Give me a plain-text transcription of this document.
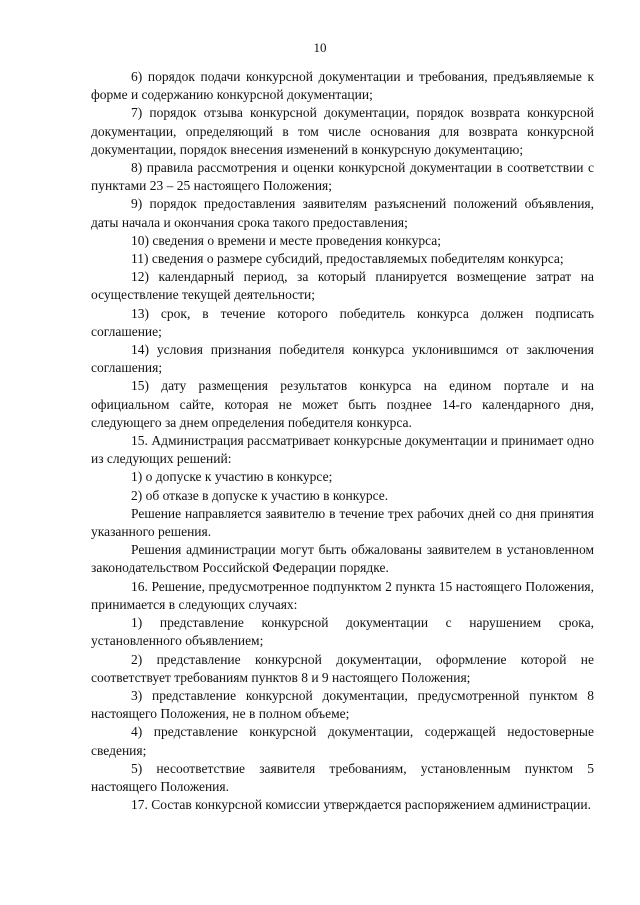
10

6) порядок подачи конкурсной документации и требования, предъявляемые к форме и содержанию конкурсной документации;

7) порядок отзыва конкурсной документации, порядок возврата конкурсной документации, определяющий в том числе основания для возврата конкурсной документации, порядок внесения изменений в конкурсную документацию;

8) правила рассмотрения и оценки конкурсной документации в соответствии с пунктами 23 – 25 настоящего Положения;

9) порядок предоставления заявителям разъяснений положений объявления, даты начала и окончания срока такого предоставления;

10) сведения о времени и месте проведения конкурса;

11) сведения о размере субсидий, предоставляемых победителям конкурса;

12) календарный период, за который планируется возмещение затрат на осуществление текущей деятельности;

13) срок, в течение которого победитель конкурса должен подписать соглашение;

14) условия признания победителя конкурса уклонившимся от заключения соглашения;

15) дату размещения результатов конкурса на едином портале и на официальном сайте, которая не может быть позднее 14-го календарного дня, следующего за днем определения победителя конкурса.

15. Администрация рассматривает конкурсные документации и принимает одно из следующих решений:

1) о допуске к участию в конкурсе;

2) об отказе в допуске к участию в конкурсе.

Решение направляется заявителю в течение трех рабочих дней со дня принятия указанного решения.

Решения администрации могут быть обжалованы заявителем в установленном законодательством Российской Федерации порядке.

16. Решение, предусмотренное подпунктом 2 пункта 15 настоящего Положения, принимается в следующих случаях:

1) представление конкурсной документации с нарушением срока, установленного объявлением;

2) представление конкурсной документации, оформление которой не соответствует требованиям пунктов 8 и 9 настоящего Положения;

3) представление конкурсной документации, предусмотренной пунктом 8 настоящего Положения, не в полном объеме;

4) представление конкурсной документации, содержащей недостоверные сведения;

5) несоответствие заявителя требованиям, установленным пунктом 5 настоящего Положения.

17. Состав конкурсной комиссии утверждается распоряжением администрации.
